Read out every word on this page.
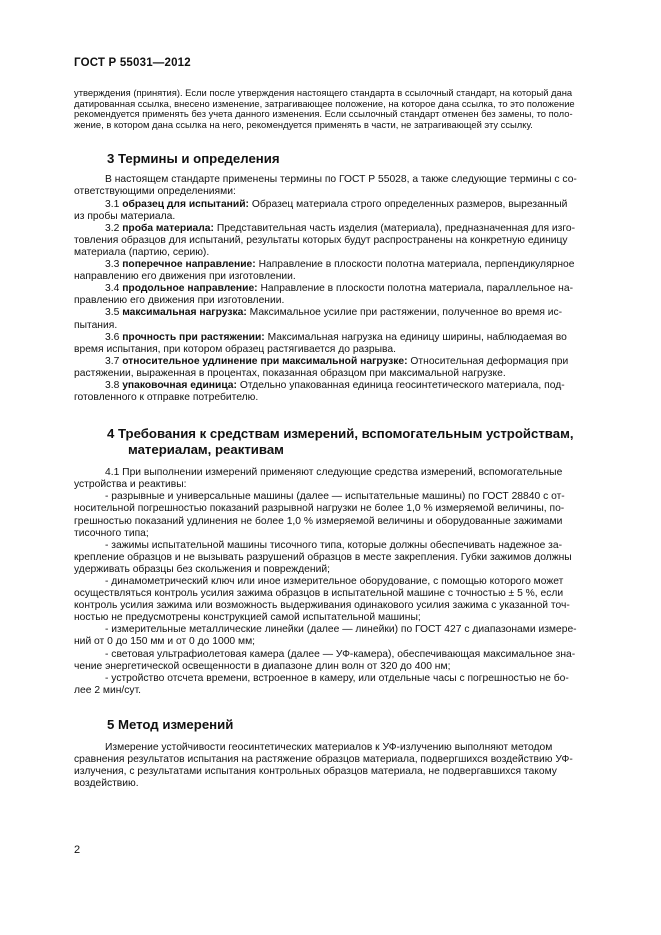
ГОСТ Р 55031—2012
утверждения (принятия). Если после утверждения настоящего стандарта в ссылочный стандарт, на который дана
датированная ссылка, внесено изменение, затрагивающее положение, на которое дана ссылка, то это положение
рекомендуется применять без учета данного изменения. Если ссылочный стандарт отменен без замены, то поло-
жение, в котором дана ссылка на него, рекомендуется применять в части, не затрагивающей эту ссылку.
3 Термины и определения
В настоящем стандарте применены термины по ГОСТ Р 55028, а также следующие термины с со-
ответствующими определениями:
3.1 образец для испытаний: Образец материала строго определенных размеров, вырезанный
из пробы материала.
3.2 проба материала: Представительная часть изделия (материала), предназначенная для изго-
товления образцов для испытаний, результаты которых будут распространены на конкретную единицу
материала (партию, серию).
3.3 поперечное направление: Направление в плоскости полотна материала, перпендикулярное
направлению его движения при изготовлении.
3.4 продольное направление: Направление в плоскости полотна материала, параллельное на-
правлению его движения при изготовлении.
3.5 максимальная нагрузка: Максимальное усилие при растяжении, полученное во время ис-
пытания.
3.6 прочность при растяжении: Максимальная нагрузка на единицу ширины, наблюдаемая во
время испытания, при котором образец растягивается до разрыва.
3.7 относительное удлинение при максимальной нагрузке: Относительная деформация при
растяжении, выраженная в процентах, показанная образцом при максимальной нагрузке.
3.8 упаковочная единица: Отдельно упакованная единица геосинтетического материала, под-
готовленного к отправке потребителю.
4 Требования к средствам измерений, вспомогательным устройствам,
материалам, реактивам
4.1 При выполнении измерений применяют следующие средства измерений, вспомогательные
устройства и реактивы:
- разрывные и универсальные машины (далее — испытательные машины) по ГОСТ 28840 с от-
носительной погрешностью показаний разрывной нагрузки не более 1,0 % измеряемой величины, по-
грешностью показаний удлинения не более 1,0 % измеряемой величины и оборудованные зажимами
тисочного типа;
- зажимы испытательной машины тисочного типа, которые должны обеспечивать надежное за-
крепление образцов и не вызывать разрушений образцов в месте закрепления. Губки зажимов должны
удерживать образцы без скольжения и повреждений;
- динамометрический ключ или иное измерительное оборудование, с помощью которого может
осуществляться контроль усилия зажима образцов в испытательной машине с точностью ± 5 %, если
контроль усилия зажима или возможность выдерживания одинакового усилия зажима с указанной точ-
ностью не предусмотрены конструкцией самой испытательной машины;
- измерительные металлические линейки (далее — линейки) по ГОСТ 427 с диапазонами измере-
ний от 0 до 150 мм и от 0 до 1000 мм;
- световая ультрафиолетовая камера (далее — УФ-камера), обеспечивающая максимальное зна-
чение энергетической освещенности в диапазоне длин волн от 320 до 400 нм;
- устройство отсчета времени, встроенное в камеру, или отдельные часы с погрешностью не бо-
лее 2 мин/сут.
5 Метод измерений
Измерение устойчивости геосинтетических материалов к УФ-излучению выполняют методом
сравнения результатов испытания на растяжение образцов материала, подвергшихся воздействию УФ-
излучения, с результатами испытания контрольных образцов материала, не подвергавшихся такому
воздействию.
2
